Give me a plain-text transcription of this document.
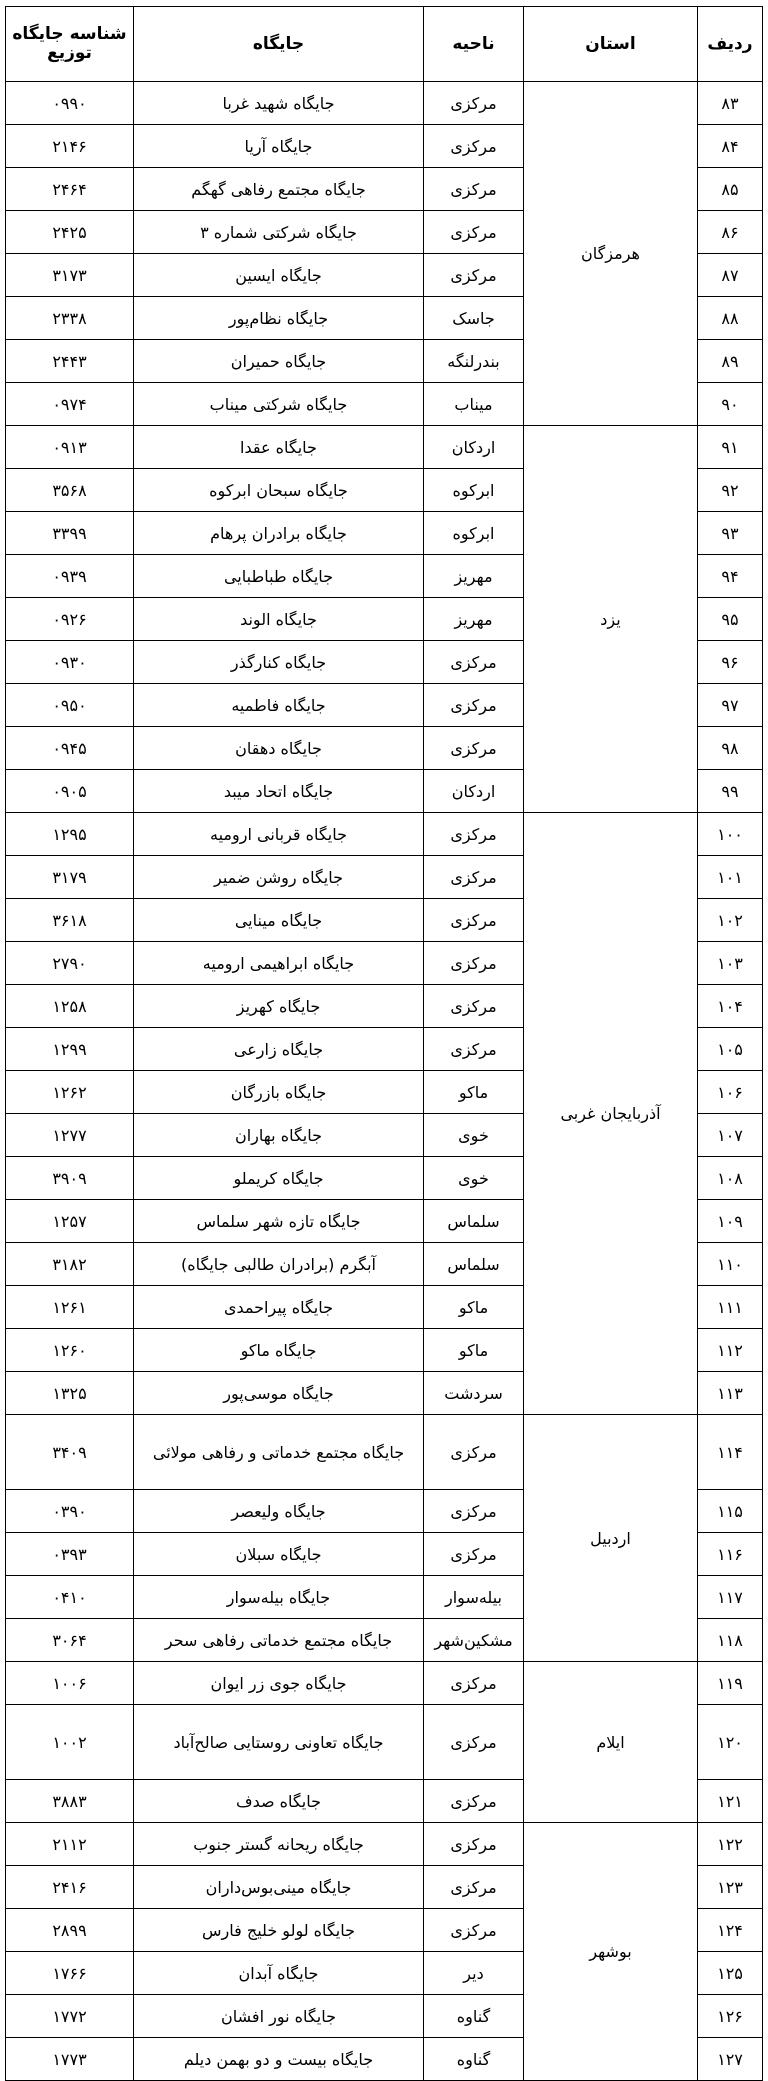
ردیف	استان	ناحیه	جایگاه	شناسه جایگاه توزیع
۸۳	هرمزگان	مرکزی	جایگاه شهید غربا	۰۹۹۰
۸۴		مرکزی	جایگاه آریا	۲۱۴۶
۸۵		مرکزی	جایگاه مجتمع رفاهی گهگم	۲۴۶۴
۸۶		مرکزی	جایگاه شرکتی شماره ۳	۲۴۲۵
۸۷		مرکزی	جایگاه ایسین	۳۱۷۳
۸۸		جاسک	جایگاه نظام‌پور	۲۳۳۸
۸۹		بندرلنگه	جایگاه حمیران	۲۴۴۳
۹۰		میناب	جایگاه شرکتی میناب	۰۹۷۴
۹۱	یزد	اردکان	جایگاه عقدا	۰۹۱۳
۹۲		ابرکوه	جایگاه سبحان ابرکوه	۳۵۶۸
۹۳		ابرکوه	جایگاه برادران پرهام	۳۳۹۹
۹۴		مهریز	جایگاه طباطبایی	۰۹۳۹
۹۵		مهریز	جایگاه الوند	۰۹۲۶
۹۶		مرکزی	جایگاه کنارگذر	۰۹۳۰
۹۷		مرکزی	جایگاه فاطمیه	۰۹۵۰
۹۸		مرکزی	جایگاه دهقان	۰۹۴۵
۹۹		اردکان	جایگاه اتحاد میبد	۰۹۰۵
۱۰۰	آذربایجان غربی	مرکزی	جایگاه قربانی ارومیه	۱۲۹۵
۱۰۱		مرکزی	جایگاه روشن ضمیر	۳۱۷۹
۱۰۲		مرکزی	جایگاه مینایی	۳۶۱۸
۱۰۳		مرکزی	جایگاه ابراهیمی ارومیه	۲۷۹۰
۱۰۴		مرکزی	جایگاه کهریز	۱۲۵۸
۱۰۵		مرکزی	جایگاه زارعی	۱۲۹۹
۱۰۶		ماکو	جایگاه بازرگان	۱۲۶۲
۱۰۷		خوی	جایگاه بهاران	۱۲۷۷
۱۰۸		خوی	جایگاه کریملو	۳۹۰۹
۱۰۹		سلماس	جایگاه تازه شهر سلماس	۱۲۵۷
۱۱۰		سلماس	آبگرم (برادران طالبی جایگاه)	۳۱۸۲
۱۱۱		ماکو	جایگاه پیراحمدی	۱۲۶۱
۱۱۲		ماکو	جایگاه ماکو	۱۲۶۰
۱۱۳		سردشت	جایگاه موسی‌پور	۱۳۲۵
۱۱۴	اردبیل	مرکزی	جایگاه مجتمع خدماتی و رفاهی مولائی	۳۴۰۹
۱۱۵		مرکزی	جایگاه ولیعصر	۰۳۹۰
۱۱۶		مرکزی	جایگاه سبلان	۰۳۹۳
۱۱۷		بیله‌سوار	جایگاه بیله‌سوار	۰۴۱۰
۱۱۸		مشکین‌شهر	جایگاه مجتمع خدماتی رفاهی سحر	۳۰۶۴
۱۱۹	ایلام	مرکزی	جایگاه جوی زر ایوان	۱۰۰۶
۱۲۰		مرکزی	جایگاه تعاونی روستایی صالح‌آباد	۱۰۰۲
۱۲۱		مرکزی	جایگاه صدف	۳۸۸۳
۱۲۲	بوشهر	مرکزی	جایگاه ریحانه گستر جنوب	۲۱۱۲
۱۲۳		مرکزی	جایگاه مینی‌بوس‌داران	۲۴۱۶
۱۲۴		مرکزی	جایگاه لولو خلیج فارس	۲۸۹۹
۱۲۵		دیر	جایگاه آبدان	۱۷۶۶
۱۲۶		گناوه	جایگاه نور افشان	۱۷۷۲
۱۲۷		گناوه	جایگاه بیست و دو بهمن دیلم	۱۷۷۳
